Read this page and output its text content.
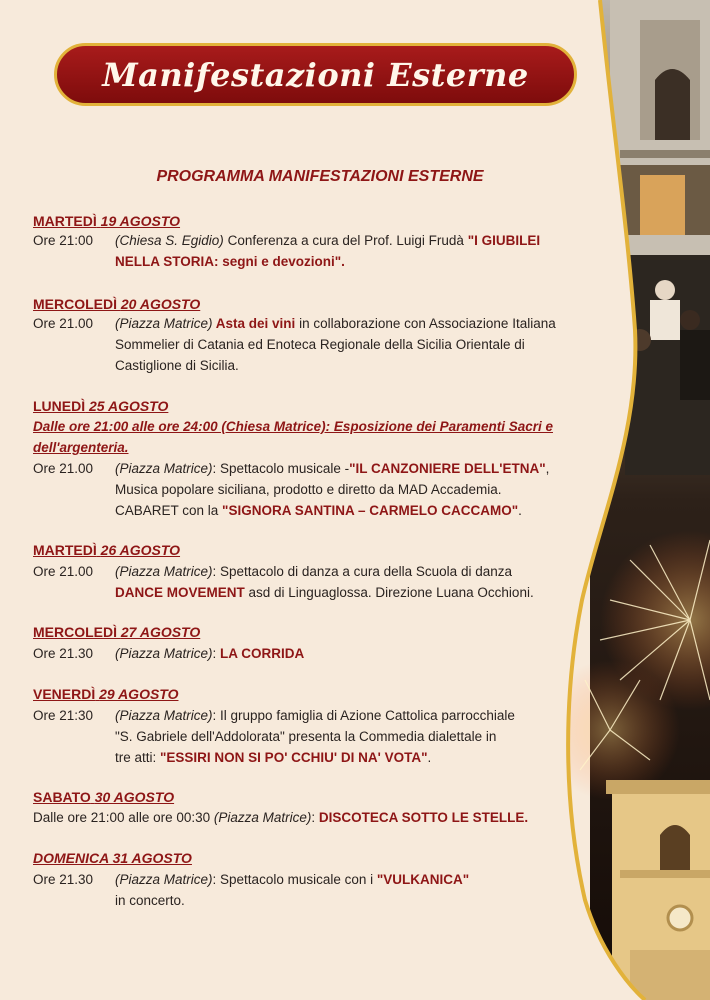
Manifestazioni Esterne
PROGRAMMA MANIFESTAZIONI ESTERNE
MARTEDÌ 19 AGOSTO
Ore 21:00 (Chiesa S. Egidio) Conferenza a cura del Prof. Luigi Frudà "I GIUBILEI
NELLA STORIA: segni e devozioni".
MERCOLEDÌ 20 AGOSTO
Ore 21.00 (Piazza Matrice) Asta dei vini in collaborazione con Associazione Italiana
Sommelier di Catania ed Enoteca Regionale della Sicilia Orientale di
Castiglione di Sicilia.
LUNEDÌ 25 AGOSTO
Dalle ore 21:00 alle ore 24:00 (Chiesa Matrice): Esposizione dei Paramenti Sacri e
dell'argenteria.
Ore 21.00 (Piazza Matrice): Spettacolo musicale -"IL CANZONIERE DELL'ETNA",
Musica popolare siciliana, prodotto e diretto da MAD Accademia.
CABARET con la "SIGNORA SANTINA – CARMELO CACCAMO".
MARTEDÌ 26 AGOSTO
Ore 21.00 (Piazza Matrice): Spettacolo di danza a cura della Scuola di danza
DANCE MOVEMENT asd di Linguaglossa. Direzione Luana Occhioni.
MERCOLEDÌ 27 AGOSTO
Ore 21.30 (Piazza Matrice): LA CORRIDA
VENERDÌ 29 AGOSTO
Ore 21:30 (Piazza Matrice): Il gruppo famiglia di Azione Cattolica parrocchiale
"S. Gabriele dell'Addolorata" presenta la Commedia dialettale in
tre atti: "ESSIRI NON SI PO' CCHIU' DI NA' VOTA".
SABATO 30 AGOSTO
Dalle ore 21:00 alle ore 00:30 (Piazza Matrice): DISCOTECA SOTTO LE STELLE.
DOMENICA 31 AGOSTO
Ore 21.30 (Piazza Matrice): Spettacolo musicale con i "VULKANICA"
in concerto.
